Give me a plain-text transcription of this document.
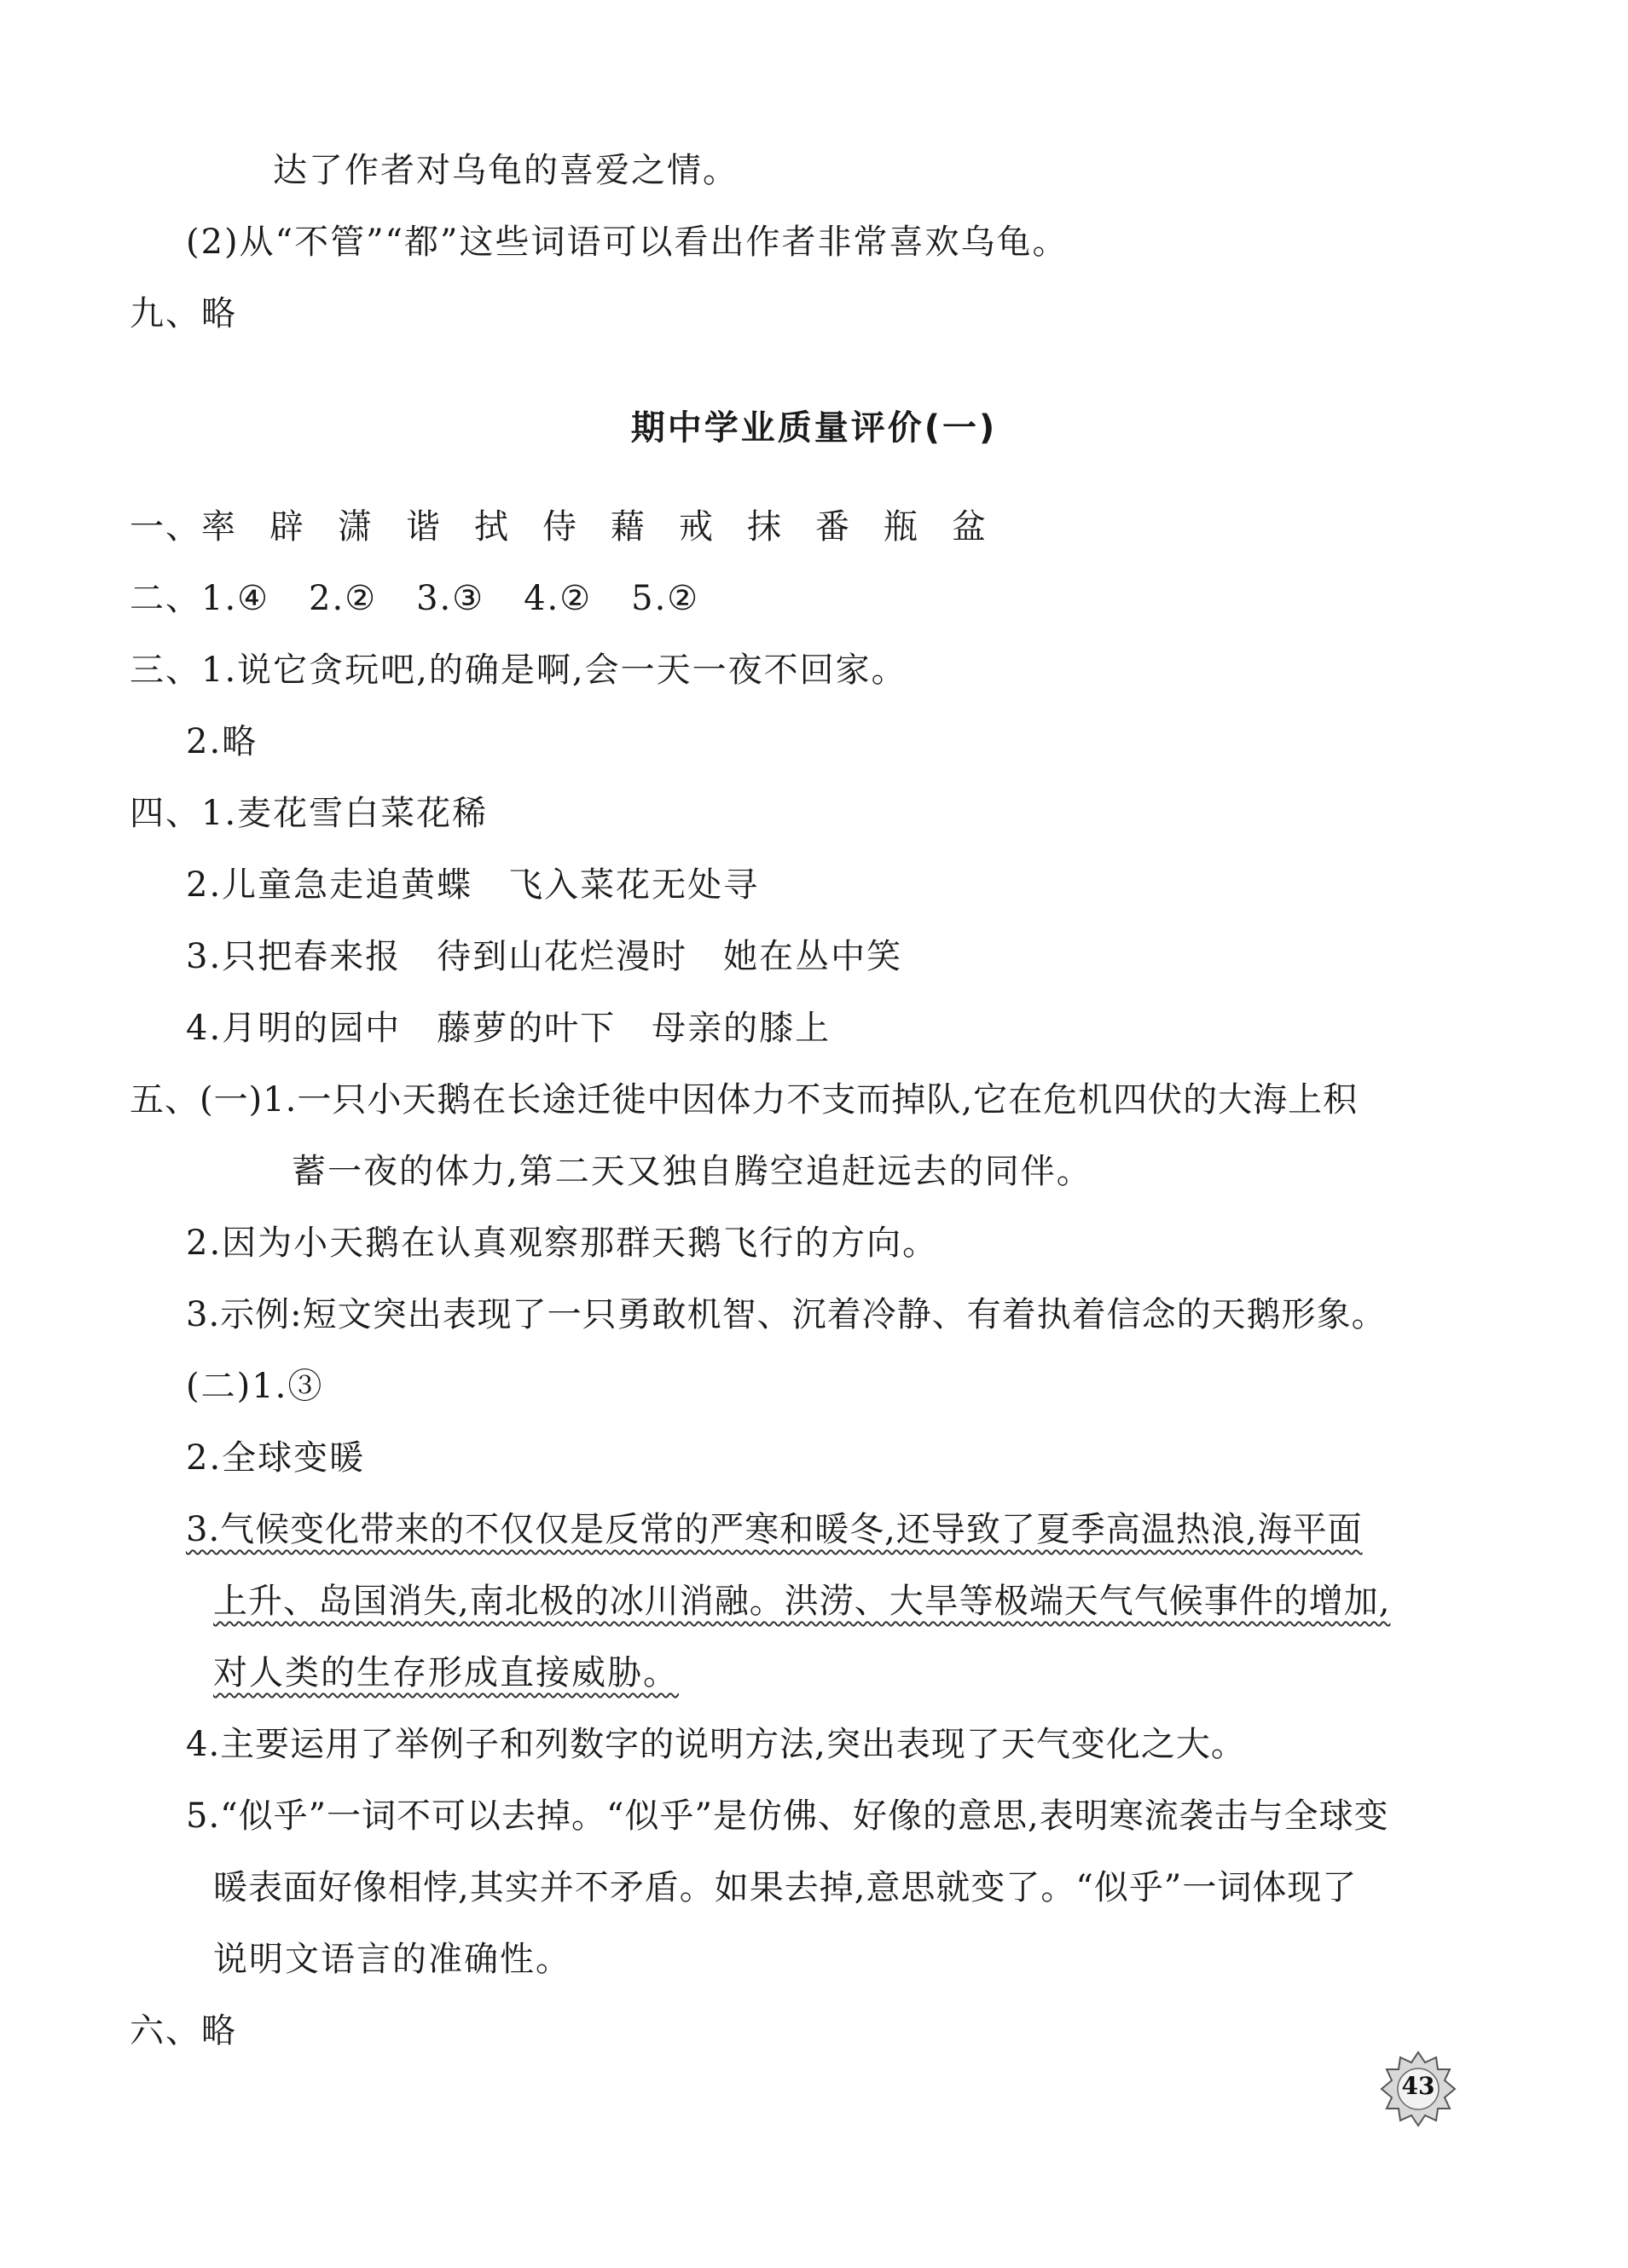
达了作者对乌龟的喜爱之情。
(2)从“不管”“都”这些词语可以看出作者非常喜欢乌龟。
九、略
期中学业质量评价(一)
一、率 辟 潇 谐 拭 侍 藉 戒 抹 番 瓶 盆
二、1.④ 2.② 3.③ 4.② 5.②
三、1.说它贪玩吧,的确是啊,会一天一夜不回家。
2.略
四、1.麦花雪白菜花稀
2.儿童急走追黄蝶　飞入菜花无处寻
3.只把春来报　待到山花烂漫时　她在丛中笑
4.月明的园中　藤萝的叶下　母亲的膝上
五、(一)1.一只小天鹅在长途迁徙中因体力不支而掉队,它在危机四伏的大海上积
蓄一夜的体力,第二天又独自腾空追赶远去的同伴。
2.因为小天鹅在认真观察那群天鹅飞行的方向。
3.示例:短文突出表现了一只勇敢机智、沉着冷静、有着执着信念的天鹅形象。
(二)1.③
2.全球变暖
3.气候变化带来的不仅仅是反常的严寒和暖冬,还导致了夏季高温热浪,海平面
上升、岛国消失,南北极的冰川消融。洪涝、大旱等极端天气气候事件的增加,
对人类的生存形成直接威胁。
4.主要运用了举例子和列数字的说明方法,突出表现了天气变化之大。
5.“似乎”一词不可以去掉。“似乎”是仿佛、好像的意思,表明寒流袭击与全球变
暖表面好像相悖,其实并不矛盾。如果去掉,意思就变了。“似乎”一词体现了
说明文语言的准确性。
六、略
43
